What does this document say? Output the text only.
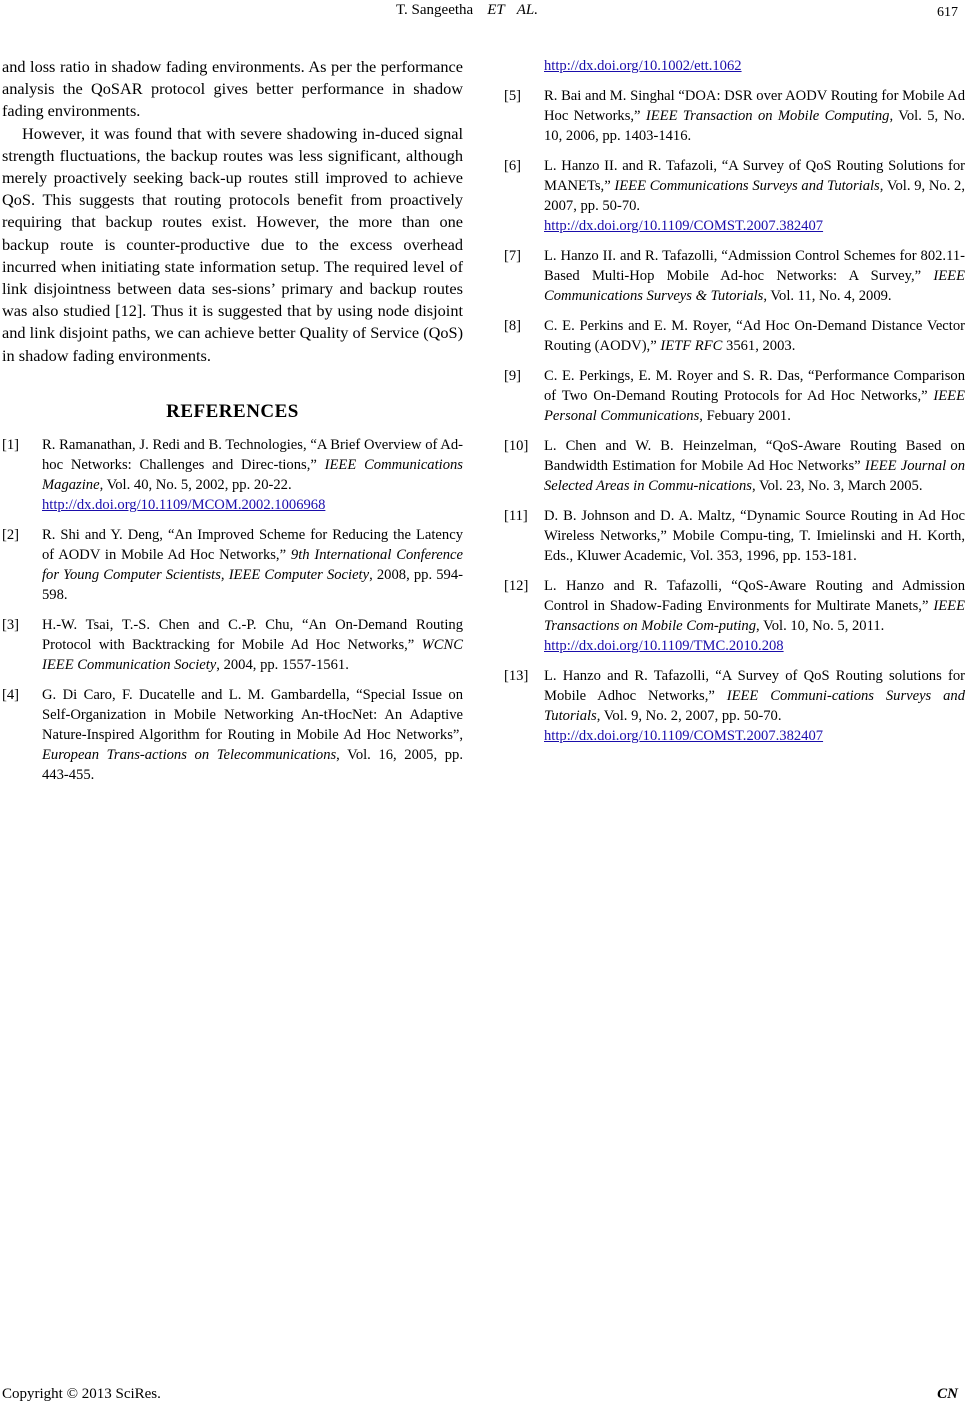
T. Sangeetha ET AL.	617

and loss ratio in shadow fading environments. As per the performance analysis the QoSAR protocol gives better performance in shadow fading environments.

However, it was found that with severe shadowing in-duced signal strength fluctuations, the backup routes was less significant, although merely proactively seeking back-up routes still improved to achieve QoS. This suggests that routing protocols benefit from proactively requiring that backup routes exist. However, the more than one backup route is counter-productive due to the excess overhead incurred when initiating state information setup. The required level of link disjointness between data ses-sions’ primary and backup routes was also studied [12]. Thus it is suggested that by using node disjoint and link disjoint paths, we can achieve better Quality of Service (QoS) in shadow fading environments.

REFERENCES
[1]	R. Ramanathan, J. Redi and B. Technologies, “A Brief Overview of Ad-hoc Networks: Challenges and Direc-tions,” IEEE Communications Magazine, Vol. 40, No. 5, 2002, pp. 20-22.
http://dx.doi.org/10.1109/MCOM.2002.1006968
[2]	R. Shi and Y. Deng, “An Improved Scheme for Reducing the Latency of AODV in Mobile Ad Hoc Networks,” 9th International Conference for Young Computer Scientists, IEEE Computer Society, 2008, pp. 594-598.
[3]	H.-W. Tsai, T.-S. Chen and C.-P. Chu, “An On-Demand Routing Protocol with Backtracking for Mobile Ad Hoc Networks,” WCNC IEEE Communication Society, 2004, pp. 1557-1561.
[4]	G. Di Caro, F. Ducatelle and L. M. Gambardella, “Special Issue on Self-Organization in Mobile Networking An-tHocNet: An Adaptive Nature-Inspired Algorithm for Routing in Mobile Ad Hoc Networks”, European Trans-actions on Telecommunications, Vol. 16, 2005, pp. 443-455.
http://dx.doi.org/10.1002/ett.1062
[5]	R. Bai and M. Singhal “DOA: DSR over AODV Routing for Mobile Ad Hoc Networks,” IEEE Transaction on Mobile Computing, Vol. 5, No. 10, 2006, pp. 1403-1416.
[6]	L. Hanzo II. and R. Tafazoli, “A Survey of QoS Routing Solutions for MANETs,” IEEE Communications Surveys and Tutorials, Vol. 9, No. 2, 2007, pp. 50-70.
http://dx.doi.org/10.1109/COMST.2007.382407
[7]	L. Hanzo II. and R. Tafazolli, “Admission Control Schemes for 802.11-Based Multi-Hop Mobile Ad-hoc Networks: A Survey,” IEEE Communications Surveys & Tutorials, Vol. 11, No. 4, 2009.
[8]	C. E. Perkins and E. M. Royer, “Ad Hoc On-Demand Distance Vector Routing (AODV),” IETF RFC 3561, 2003.
[9]	C. E. Perkings, E. M. Royer and S. R. Das, “Performance Comparison of Two On-Demand Routing Protocols for Ad Hoc Networks,” IEEE Personal Communications, Febuary 2001.
[10]	L. Chen and W. B. Heinzelman, “QoS-Aware Routing Based on Bandwidth Estimation for Mobile Ad Hoc Networks” IEEE Journal on Selected Areas in Commu-nications, Vol. 23, No. 3, March 2005.
[11]	D. B. Johnson and D. A. Maltz, “Dynamic Source Routing in Ad Hoc Wireless Networks,” Mobile Compu-ting, T. Imielinski and H. Korth, Eds., Kluwer Academic, Vol. 353, 1996, pp. 153-181.
[12]	L. Hanzo and R. Tafazolli, “QoS-Aware Routing and Admission Control in Shadow-Fading Environments for Multirate Manets,” IEEE Transactions on Mobile Com-puting, Vol. 10, No. 5, 2011.
http://dx.doi.org/10.1109/TMC.2010.208
[13]	L. Hanzo and R. Tafazolli, “A Survey of QoS Routing solutions for Mobile Adhoc Networks,” IEEE Communi-cations Surveys and Tutorials, Vol. 9, No. 2, 2007, pp. 50-70.
http://dx.doi.org/10.1109/COMST.2007.382407
Copyright © 2013 SciRes.	CN
